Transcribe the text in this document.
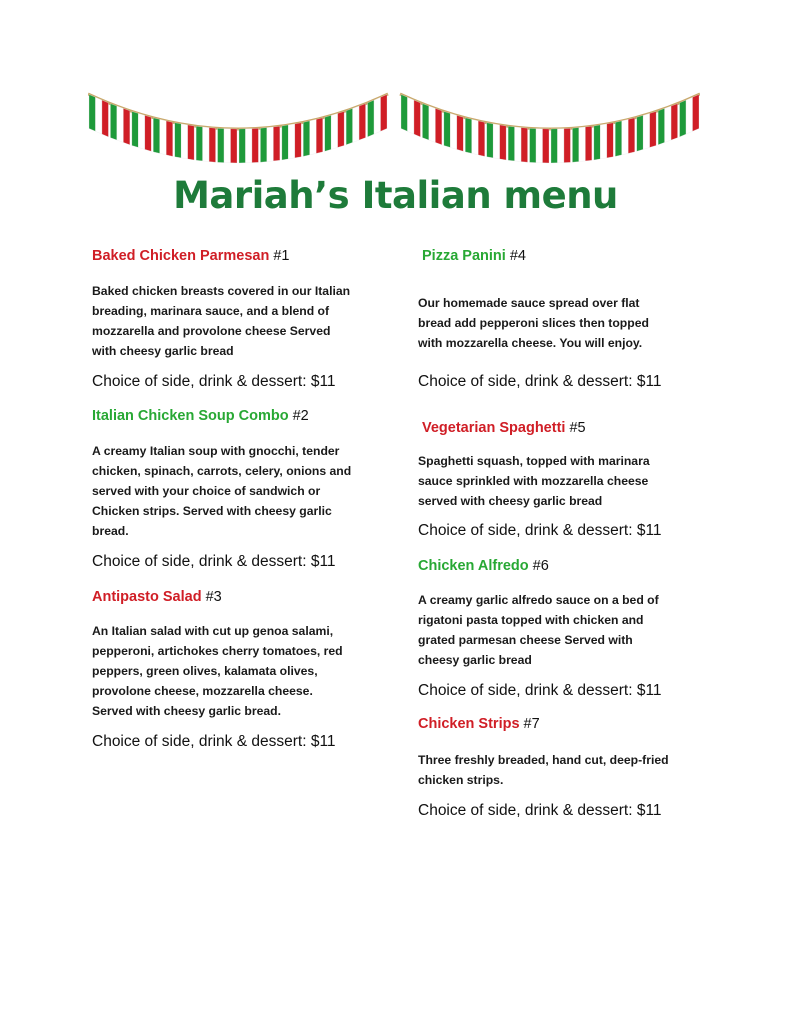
Mariah’s Italian menu
Baked Chicken Parmesan #1

Baked chicken breasts covered in our Italian

breading, marinara sauce, and a blend of

mozzarella and provolone cheese Served

with cheesy garlic bread

Choice of side, drink & dessert: $11
Italian Chicken Soup Combo #2

A creamy Italian soup with gnocchi, tender

chicken, spinach, carrots, celery, onions and

served with your choice of sandwich or

Chicken strips. Served with cheesy garlic

bread.

Choice of side, drink & dessert: $11
Antipasto Salad #3

An Italian salad with cut up genoa salami,

pepperoni, artichokes cherry tomatoes, red

peppers, green olives, kalamata olives,

provolone cheese, mozzarella cheese.

Served with cheesy garlic bread.

Choice of side, drink & dessert: $11
Pizza Panini #4

Our homemade sauce spread over flat

bread add pepperoni slices then topped

with mozzarella cheese. You will enjoy.

Choice of side, drink & dessert: $11
Vegetarian Spaghetti #5

Spaghetti squash, topped with marinara

sauce sprinkled with mozzarella cheese

served with cheesy garlic bread

Choice of side, drink & dessert: $11
Chicken Alfredo #6

A creamy garlic alfredo sauce on a bed of

rigatoni pasta topped with chicken and

grated parmesan cheese Served with

cheesy garlic bread

Choice of side, drink & dessert: $11
Chicken Strips #7

Three freshly breaded, hand cut, deep-fried

chicken strips.

Choice of side, drink & dessert: $11
